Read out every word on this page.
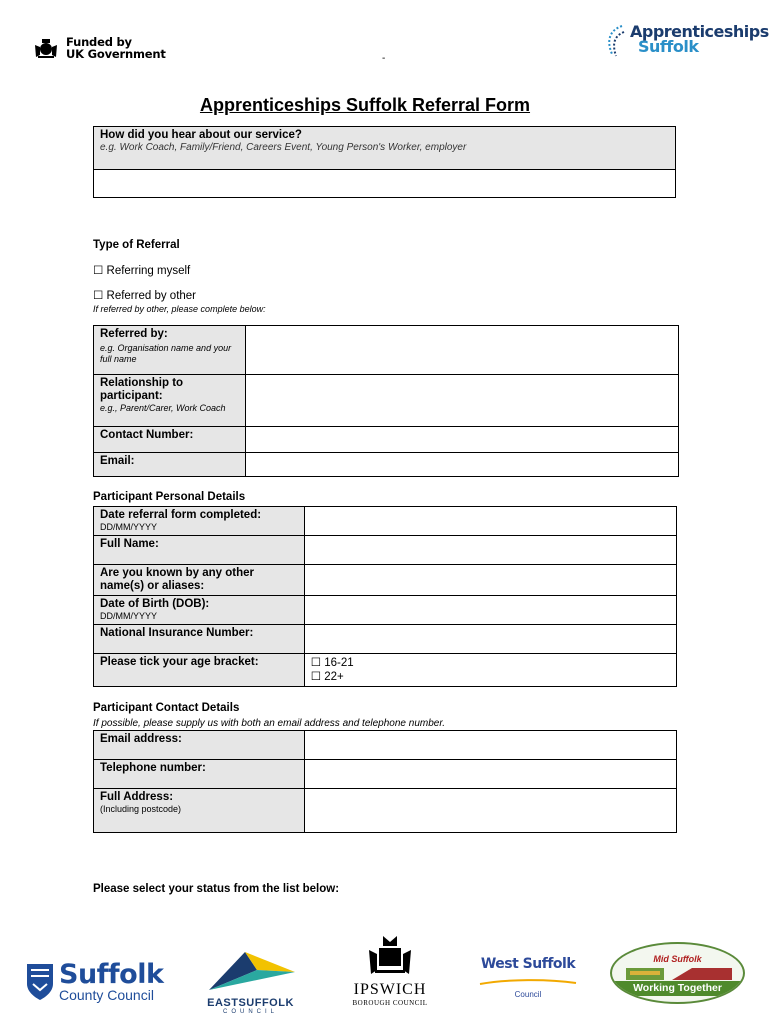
Funded by
UK Government	-
Apprenticeships
Suffolk
Apprenticeships Suffolk Referral Form
How did you hear about our service?
e.g. Work Coach, Family/Friend, Careers Event, Young Person's Worker, employer
Type of Referral
☐ Referring myself
☐ Referred by other
If referred by other, please complete below:
Referred by:
e.g. Organisation name and your full name	

Relationship to participant:
e.g., Parent/Carer, Work Coach	

Contact Number:	

Email:	

Participant Personal Details
Date referral form completed:
DD/MM/YYYY	

Full Name:	

Are you known by any other name(s) or aliases:	

Date of Birth (DOB):
DD/MM/YYYY	

National Insurance Number:	

Please tick your age bracket:	☐ 16-21
☐ 22+
Participant Contact Details
If possible, please supply us with both an email address and telephone number.
Email address:	

Telephone number:	

Full Address:
(Including postcode)	

Please select your status from the list below:
Suffolk
County Council	EASTSUFFOLK
COUNCIL
IPSWICH
BOROUGH COUNCIL
West Suffolk
Council
Mid Suffolk
Working Together
